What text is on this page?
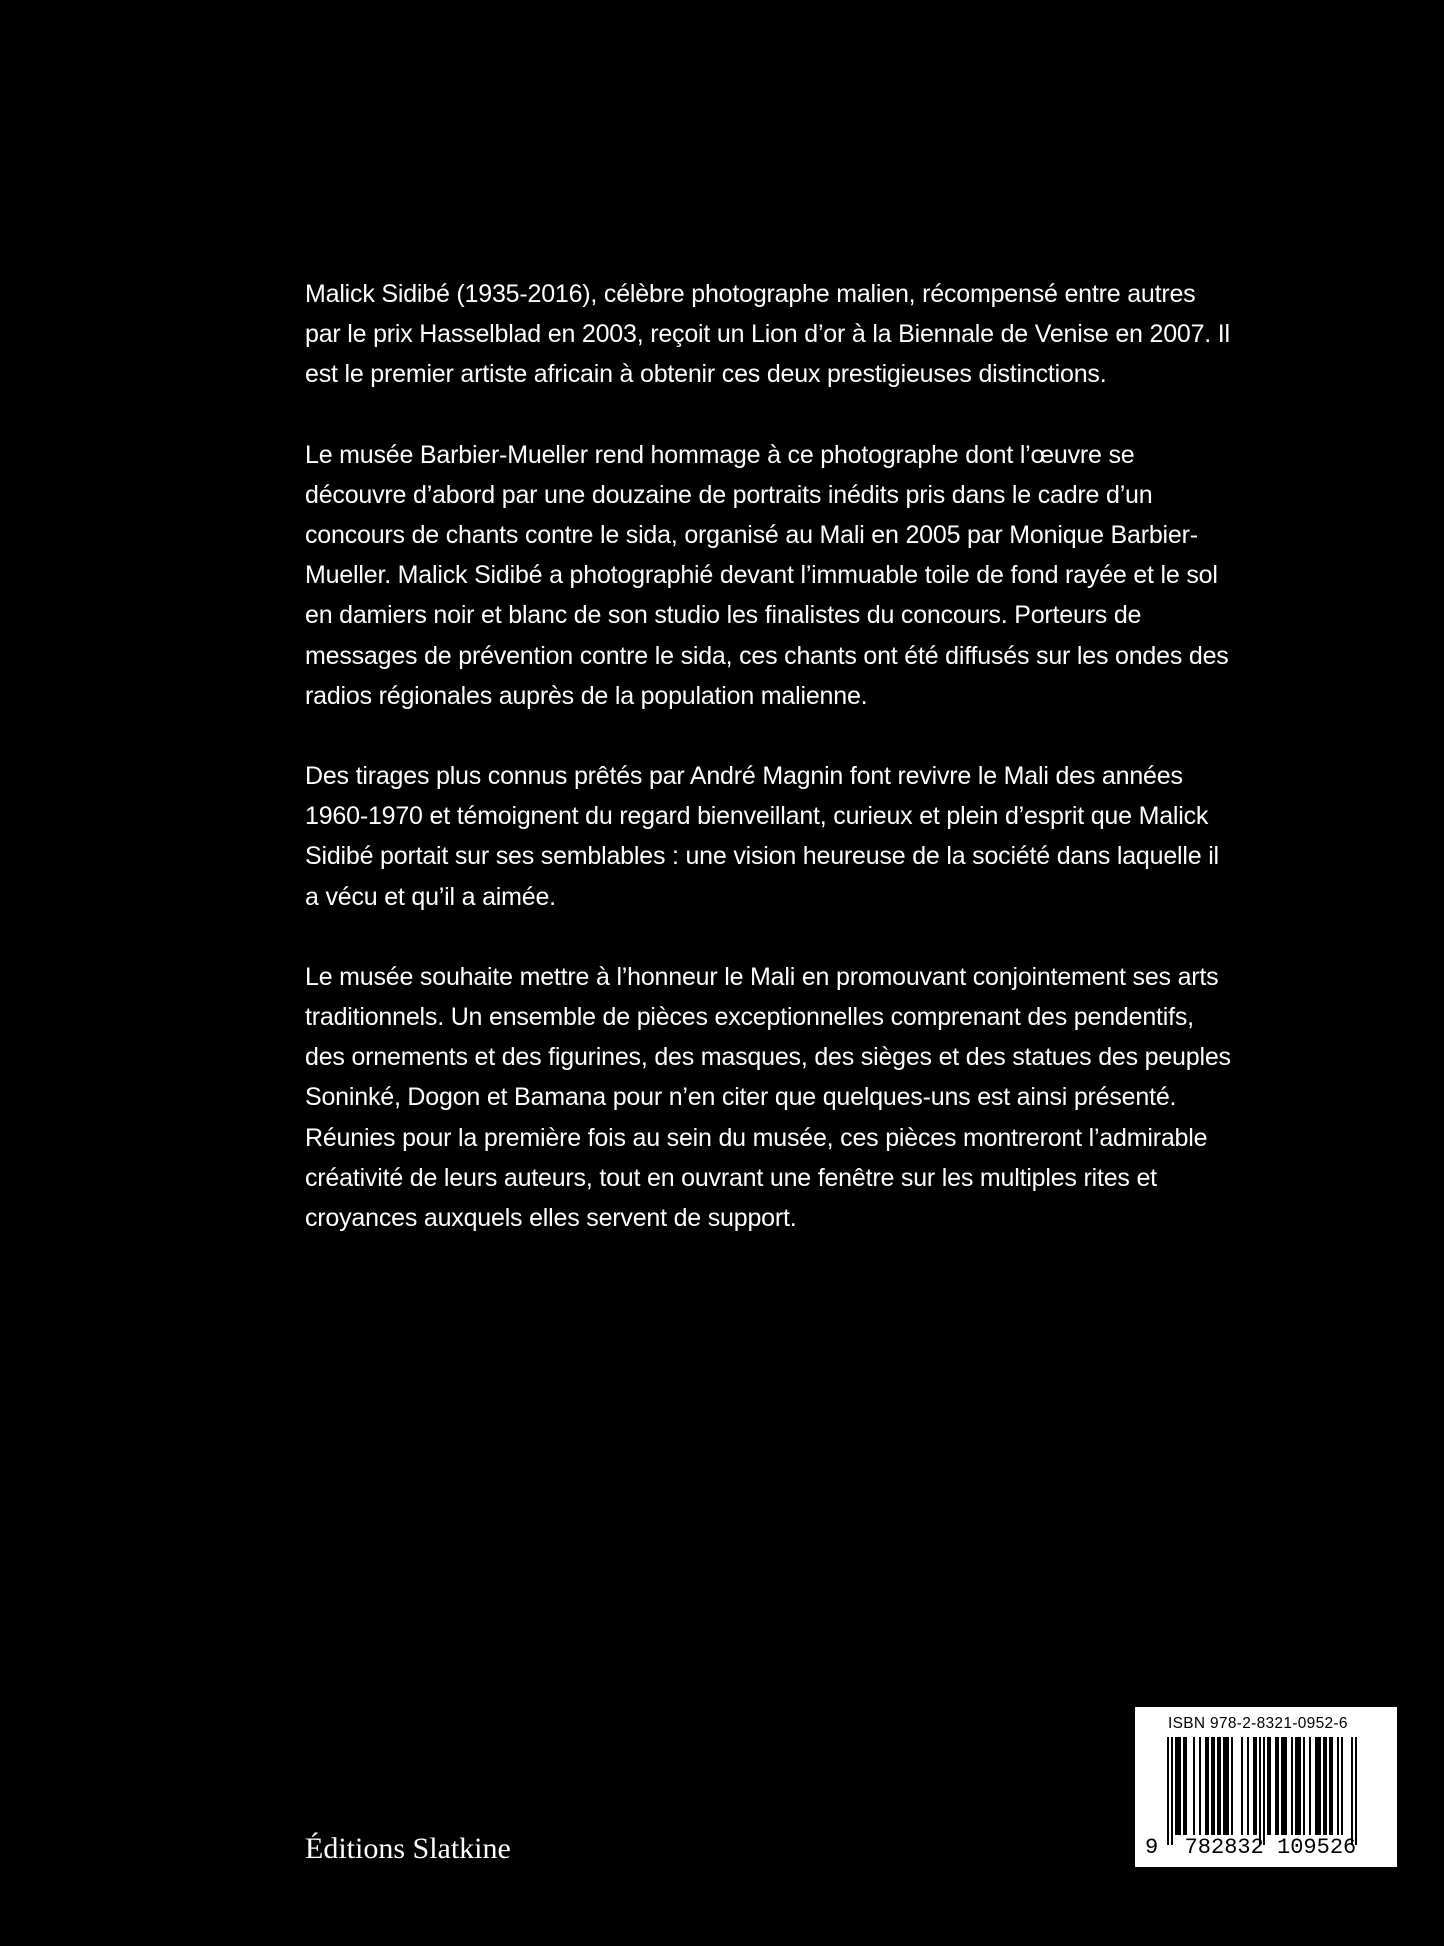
Malick Sidibé (1935-2016), célèbre photographe malien, récompensé entre autres par le prix Hasselblad en 2003, reçoit un Lion d’or à la Biennale de Venise en 2007. Il est le premier artiste africain à obtenir ces deux prestigieuses distinctions.

Le musée Barbier-Mueller rend hommage à ce photographe dont l’œuvre se découvre d’abord par une douzaine de portraits inédits pris dans le cadre d’un concours de chants contre le sida, organisé au Mali en 2005 par Monique Barbier-Mueller. Malick Sidibé a photographié devant l’immuable toile de fond rayée et le sol en damiers noir et blanc de son studio les finalistes du concours. Porteurs de messages de prévention contre le sida, ces chants ont été diffusés sur les ondes des radios régionales auprès de la population malienne.

Des tirages plus connus prêtés par André Magnin font revivre le Mali des années 1960-1970 et témoignent du regard bienveillant, curieux et plein d’esprit que Malick Sidibé portait sur ses semblables : une vision heureuse de la société dans laquelle il a vécu et qu’il a aimée.

Le musée souhaite mettre à l’honneur le Mali en promouvant conjointement ses arts traditionnels. Un ensemble de pièces exceptionnelles comprenant des pendentifs, des ornements et des figurines, des masques, des sièges et des statues des peuples Soninké, Dogon et Bamana pour n’en citer que quelques-uns est ainsi présenté. Réunies pour la première fois au sein du musée, ces pièces montreront l’admirable créativité de leurs auteurs, tout en ouvrant une fenêtre sur les multiples rites et croyances auxquels elles servent de support.

Éditions Slatkine
ISBN 978-2-8321-0952-6
9 782832 109526
